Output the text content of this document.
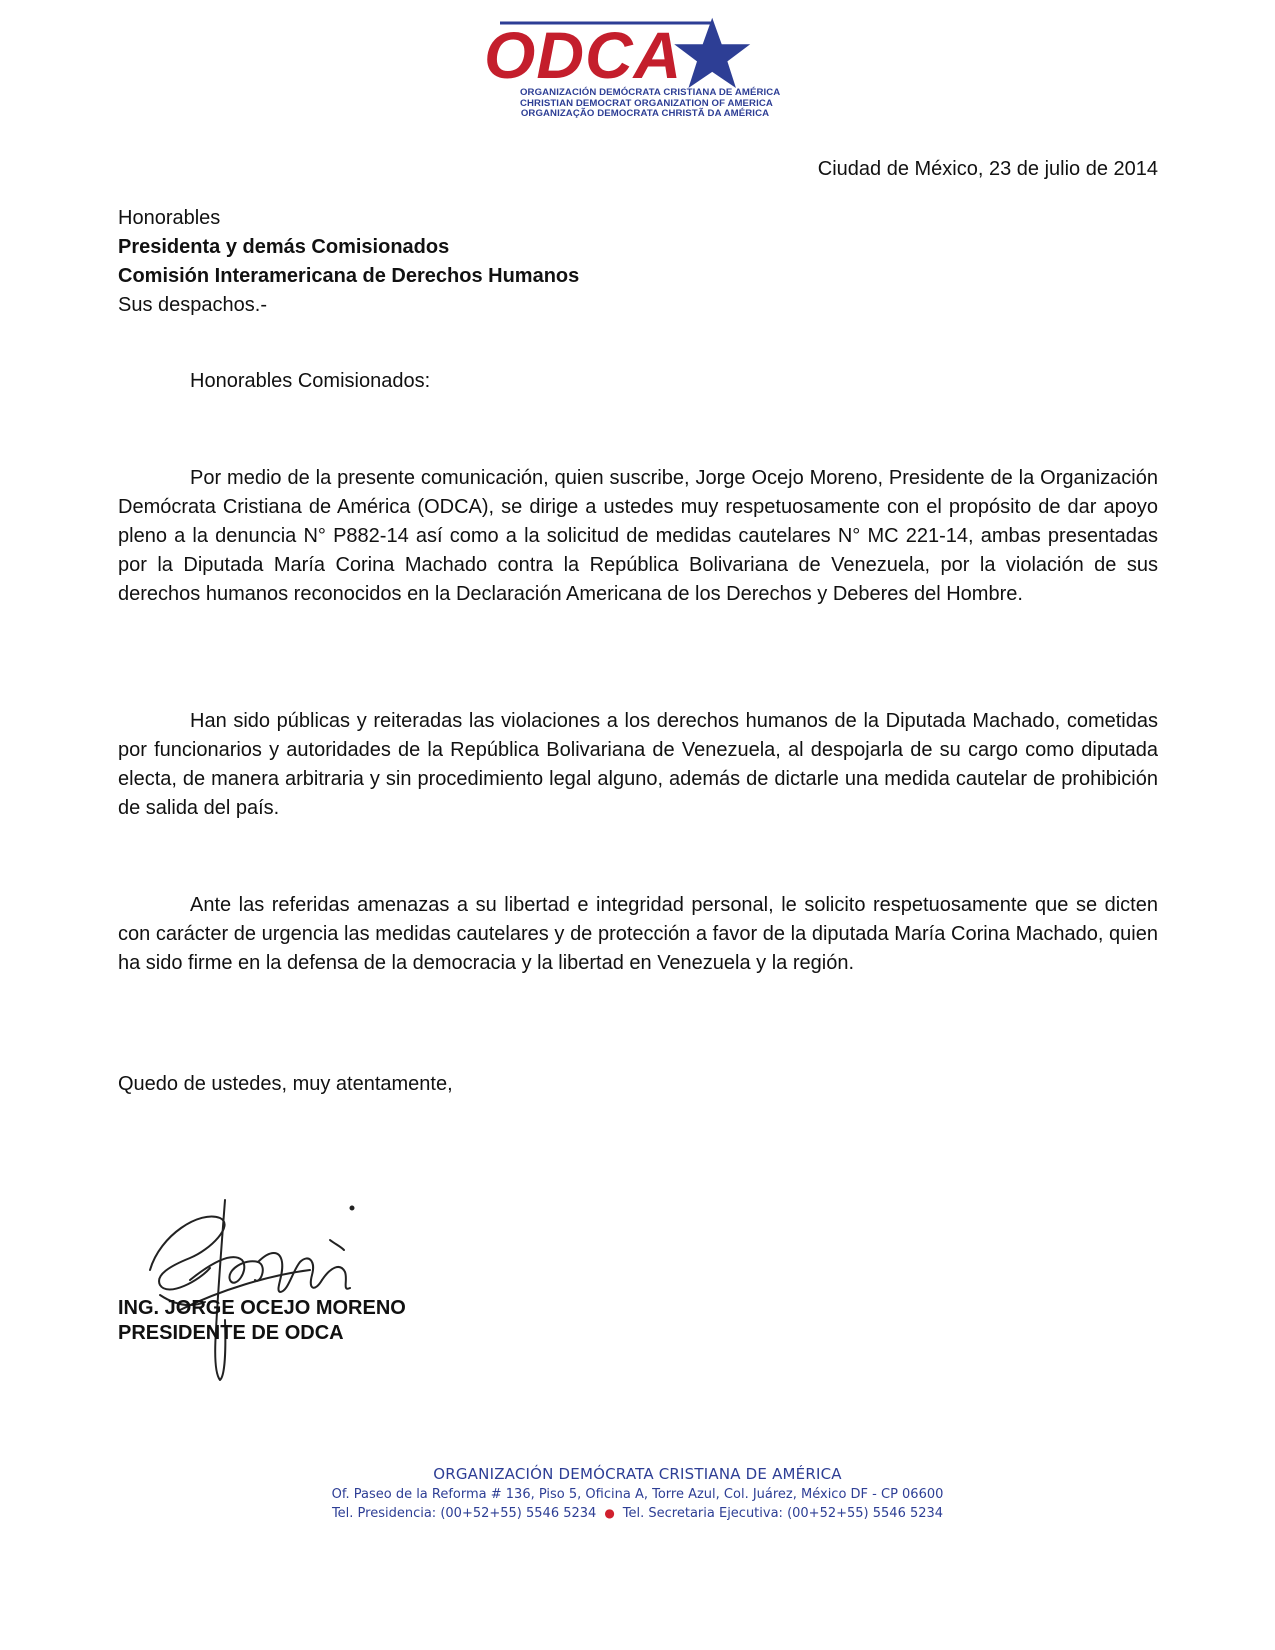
ODCA
ORGANIZACIÓN DEMÓCRATA CRISTIANA DE AMÉRICA
CHRISTIAN DEMOCRAT ORGANIZATION OF AMERICA
ORGANIZAÇÃO DEMOCRATA CHRISTÃ DA AMÉRICA
Ciudad de México, 23 de julio de 2014
Honorables
Presidenta y demás Comisionados
Comisión Interamericana de Derechos Humanos
Sus despachos.-
Honorables Comisionados:
Por medio de la presente comunicación, quien suscribe, Jorge Ocejo Moreno, Presidente de la Organización Demócrata Cristiana de América (ODCA), se dirige a ustedes muy respetuosamente con el propósito de dar apoyo pleno a la denuncia N° P882-14 así como a la solicitud de medidas cautelares N° MC 221-14, ambas presentadas por la Diputada María Corina Machado contra la República Bolivariana de Venezuela, por la violación de sus derechos humanos reconocidos en la Declaración Americana de los Derechos y Deberes del Hombre.
Han sido públicas y reiteradas las violaciones a los derechos humanos de la Diputada Machado, cometidas por funcionarios y autoridades de la República Bolivariana de Venezuela, al despojarla de su cargo como diputada electa, de manera arbitraria y sin procedimiento legal alguno, además de dictarle una medida cautelar de prohibición de salida del país.
Ante las referidas amenazas a su libertad e integridad personal, le solicito respetuosamente que se dicten con carácter de urgencia las medidas cautelares y de protección a favor de la diputada María Corina Machado, quien ha sido firme en la defensa de la democracia y la libertad en Venezuela y la región.
Quedo de ustedes, muy atentamente,
ING. JORGE OCEJO MORENO
PRESIDENTE DE ODCA
ORGANIZACIÓN DEMÓCRATA CRISTIANA DE AMÉRICA
Of. Paseo de la Reforma # 136, Piso 5, Oficina A, Torre Azul, Col. Juárez, México DF - CP 06600
Tel. Presidencia: (00+52+55) 5546 5234 ● Tel. Secretaria Ejecutiva: (00+52+55) 5546 5234
